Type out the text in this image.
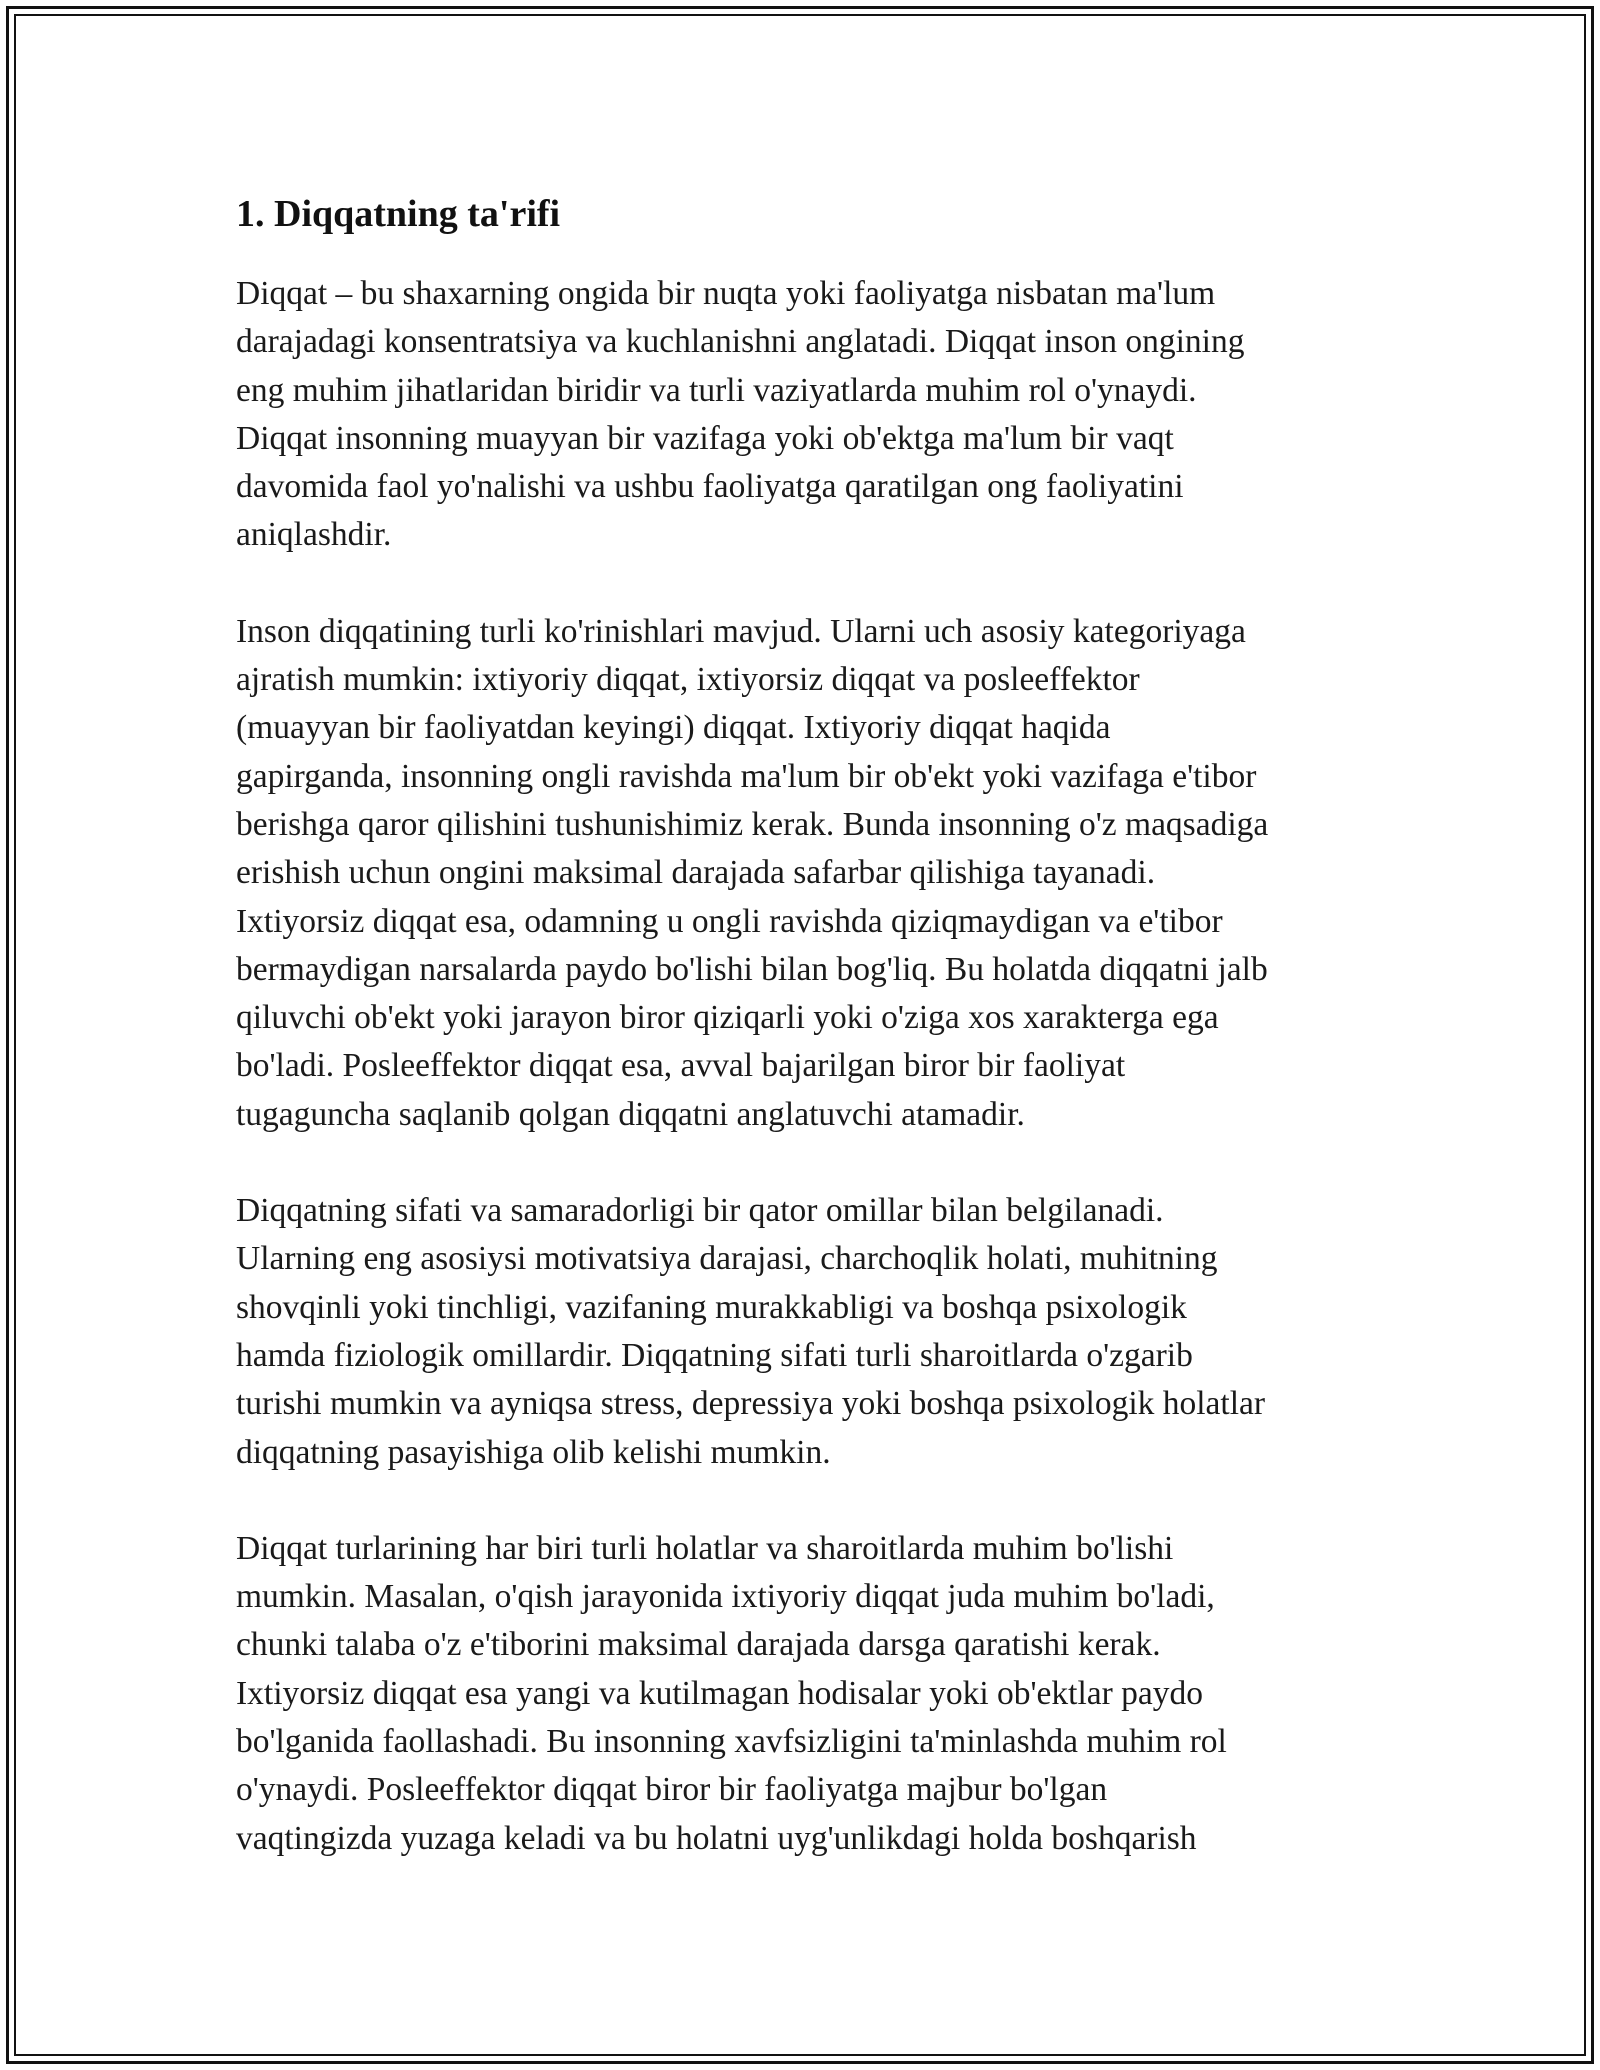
1. Diqqatning ta'rifi

Diqqat – bu shaxarning ongida bir nuqta yoki faoliyatga nisbatan ma'lum
darajadagi konsentratsiya va kuchlanishni anglatadi. Diqqat inson ongining
eng muhim jihatlaridan biridir va turli vaziyatlarda muhim rol o'ynaydi.
Diqqat insonning muayyan bir vazifaga yoki ob'ektga ma'lum bir vaqt
davomida faol yo'nalishi va ushbu faoliyatga qaratilgan ong faoliyatini
aniqlashdir.

Inson diqqatining turli ko'rinishlari mavjud. Ularni uch asosiy kategoriyaga
ajratish mumkin: ixtiyoriy diqqat, ixtiyorsiz diqqat va posleeffektor
(muayyan bir faoliyatdan keyingi) diqqat. Ixtiyoriy diqqat haqida
gapirganda, insonning ongli ravishda ma'lum bir ob'ekt yoki vazifaga e'tibor
berishga qaror qilishini tushunishimiz kerak. Bunda insonning o'z maqsadiga
erishish uchun ongini maksimal darajada safarbar qilishiga tayanadi.
Ixtiyorsiz diqqat esa, odamning u ongli ravishda qiziqmaydigan va e'tibor
bermaydigan narsalarda paydo bo'lishi bilan bog'liq. Bu holatda diqqatni jalb
qiluvchi ob'ekt yoki jarayon biror qiziqarli yoki o'ziga xos xarakterga ega
bo'ladi. Posleeffektor diqqat esa, avval bajarilgan biror bir faoliyat
tugaguncha saqlanib qolgan diqqatni anglatuvchi atamadir.

Diqqatning sifati va samaradorligi bir qator omillar bilan belgilanadi.
Ularning eng asosiysi motivatsiya darajasi, charchoqlik holati, muhitning
shovqinli yoki tinchligi, vazifaning murakkabligi va boshqa psixologik
hamda fiziologik omillardir. Diqqatning sifati turli sharoitlarda o'zgarib
turishi mumkin va ayniqsa stress, depressiya yoki boshqa psixologik holatlar
diqqatning pasayishiga olib kelishi mumkin.

Diqqat turlarining har biri turli holatlar va sharoitlarda muhim bo'lishi
mumkin. Masalan, o'qish jarayonida ixtiyoriy diqqat juda muhim bo'ladi,
chunki talaba o'z e'tiborini maksimal darajada darsga qaratishi kerak.
Ixtiyorsiz diqqat esa yangi va kutilmagan hodisalar yoki ob'ektlar paydo
bo'lganida faollashadi. Bu insonning xavfsizligini ta'minlashda muhim rol
o'ynaydi. Posleeffektor diqqat biror bir faoliyatga majbur bo'lgan
vaqtingizda yuzaga keladi va bu holatni uyg'unlikdagi holda boshqarish
